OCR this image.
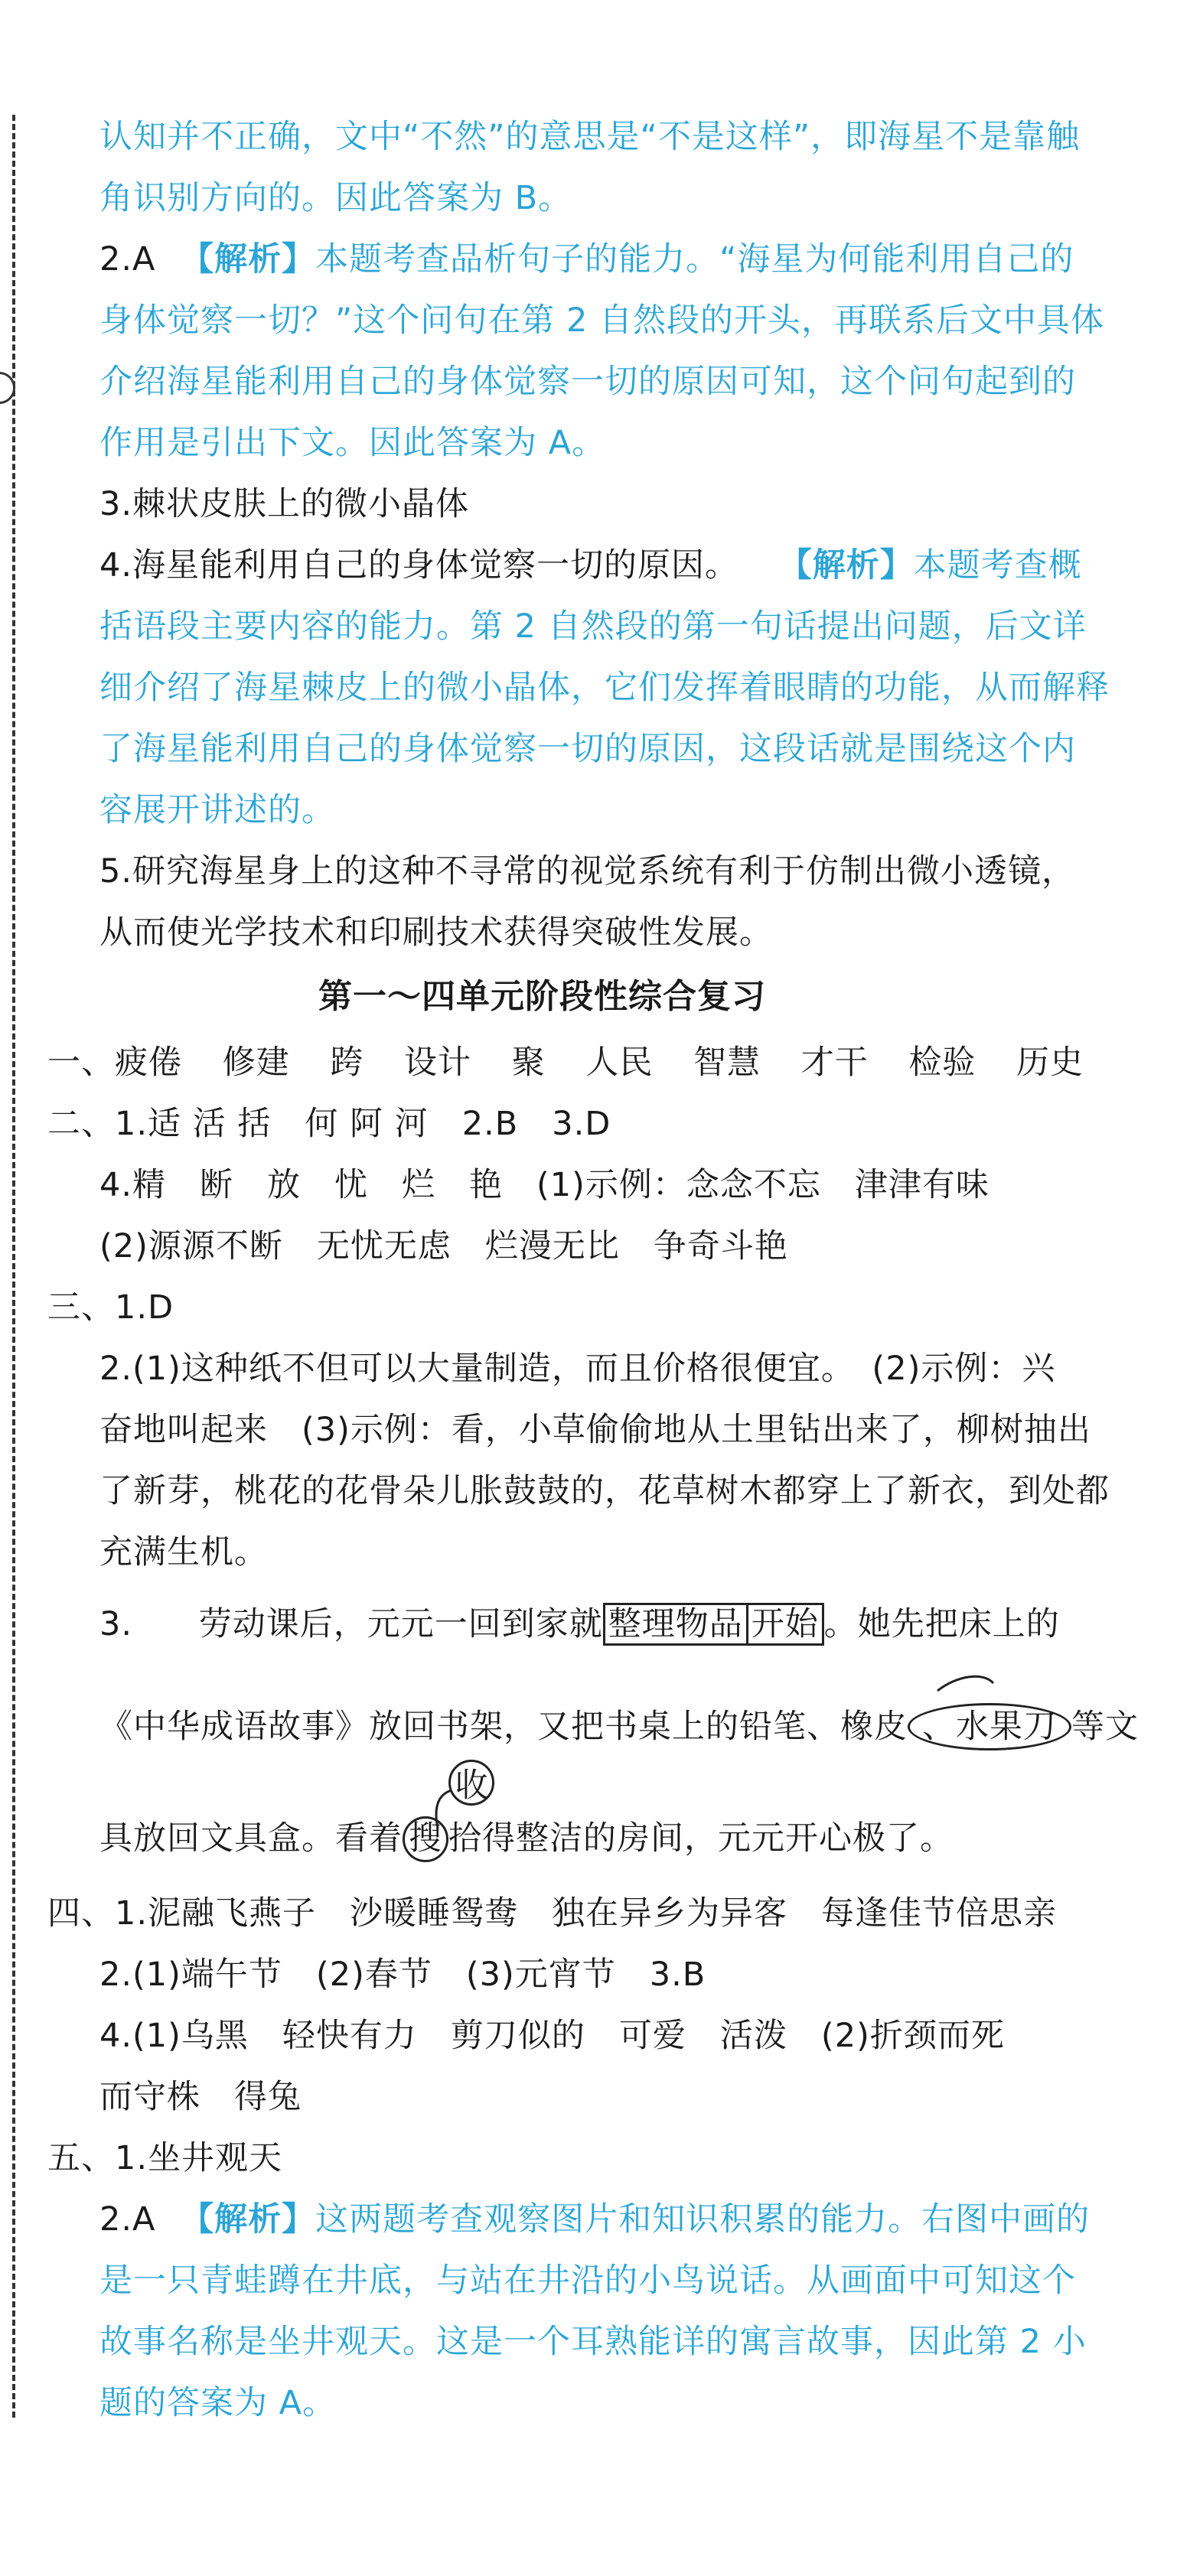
认知并不正确，文中“不然”的意思是“不是这样”，即海星不是靠触
角识别方向的。因此答案为 B。
2.A 【解析】本题考查品析句子的能力。“海星为何能利用自己的
身体觉察一切？”这个问句在第 2 自然段的开头，再联系后文中具体
介绍海星能利用自己的身体觉察一切的原因可知，这个问句起到的
作用是引出下文。因此答案为 A。
3.棘状皮肤上的微小晶体
4.海星能利用自己的身体觉察一切的原因。 【解析】本题考查概
括语段主要内容的能力。第 2 自然段的第一句话提出问题，后文详
细介绍了海星棘皮上的微小晶体，它们发挥着眼睛的功能，从而解释
了海星能利用自己的身体觉察一切的原因，这段话就是围绕这个内
容展开讲述的。
5.研究海星身上的这种不寻常的视觉系统有利于仿制出微小透镜，
从而使光学技术和印刷技术获得突破性发展。
第一～四单元阶段性综合复习
一、疲倦 修建 跨 设计 聚 人民 智慧 才干 检验 历史
二、1.适 活 括　何 阿 河　2.B　3.D
4.精　断　放　忧　烂　艳　(1)示例：念念不忘　津津有味
(2)源源不断　无忧无虑　烂漫无比　争奇斗艳
三、1.D
2.(1)这种纸不但可以大量制造，而且价格很便宜。　(2)示例：兴
奋地叫起来　(3)示例：看，小草偷偷地从土里钻出来了，柳树抽出
了新芽，桃花的花骨朵儿胀鼓鼓的，花草树木都穿上了新衣，到处都
充满生机。
3. 劳动课后，元元一回到家就 整理物品 开始 。她先把床上的
《中华成语故事》放回书架，又把书桌上的铅笔、橡皮 、水果刀 等文
收
具放回文具盒。看着 搜 拾得整洁的房间，元元开心极了。
四、1.泥融飞燕子　沙暖睡鸳鸯　独在异乡为异客　每逢佳节倍思亲
2.(1)端午节　(2)春节　(3)元宵节　3.B
4.(1)乌黑　轻快有力　剪刀似的　可爱　活泼　(2)折颈而死
而守株　得兔
五、1.坐井观天
2.A 【解析】这两题考查观察图片和知识积累的能力。右图中画的
是一只青蛙蹲在井底，与站在井沿的小鸟说话。从画面中可知这个
故事名称是坐井观天。这是一个耳熟能详的寓言故事，因此第 2 小
题的答案为 A。
